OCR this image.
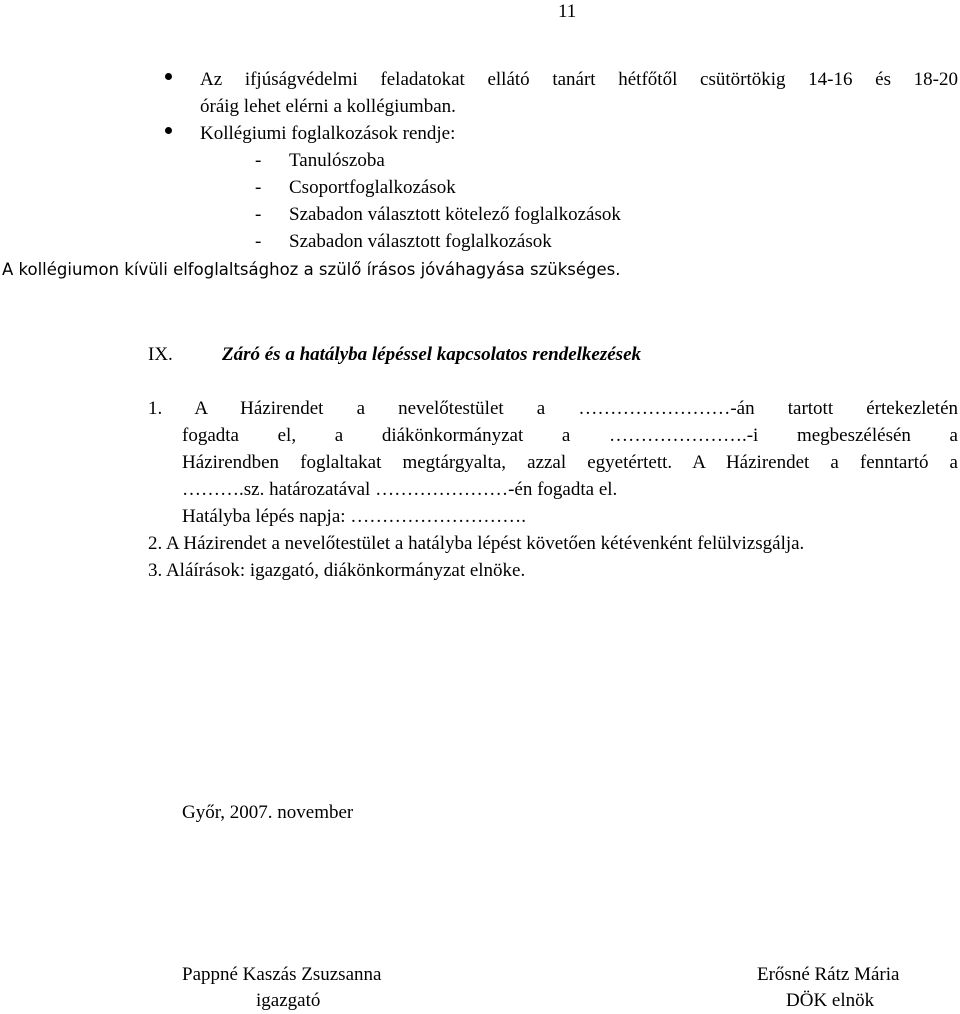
11
Az ifjúságvédelmi feladatokat ellátó tanárt hétfőtől csütörtökig 14-16 és 18-20
óráig lehet elérni a kollégiumban.
Kollégiumi foglalkozások rendje:
- Tanulószoba
- Csoportfoglalkozások
- Szabadon választott kötelező foglalkozások
- Szabadon választott foglalkozások
A kollégiumon kívüli elfoglaltsághoz a szülő írásos jóváhagyása szükséges.
IX.	Záró és a hatályba lépéssel kapcsolatos rendelkezések
1. A Házirendet a nevelőtestület a ……………………-án tartott értekezletén
fogadta el, a diákönkormányzat a ………………….-i megbeszélésén a
Házirendben foglaltakat megtárgyalta, azzal egyetértett. A Házirendet a fenntartó a
……….sz. határozatával …………………-én fogadta el.
Hatályba lépés napja: ……………………….
2. A Házirendet a nevelőtestület a hatályba lépést követően kétévenként felülvizsgálja.
3. Aláírások: igazgató, diákönkormányzat elnöke.
Győr, 2007. november
Pappné Kaszás Zsuzsanna
igazgató
Erősné Rátz Mária
DÖK elnök
